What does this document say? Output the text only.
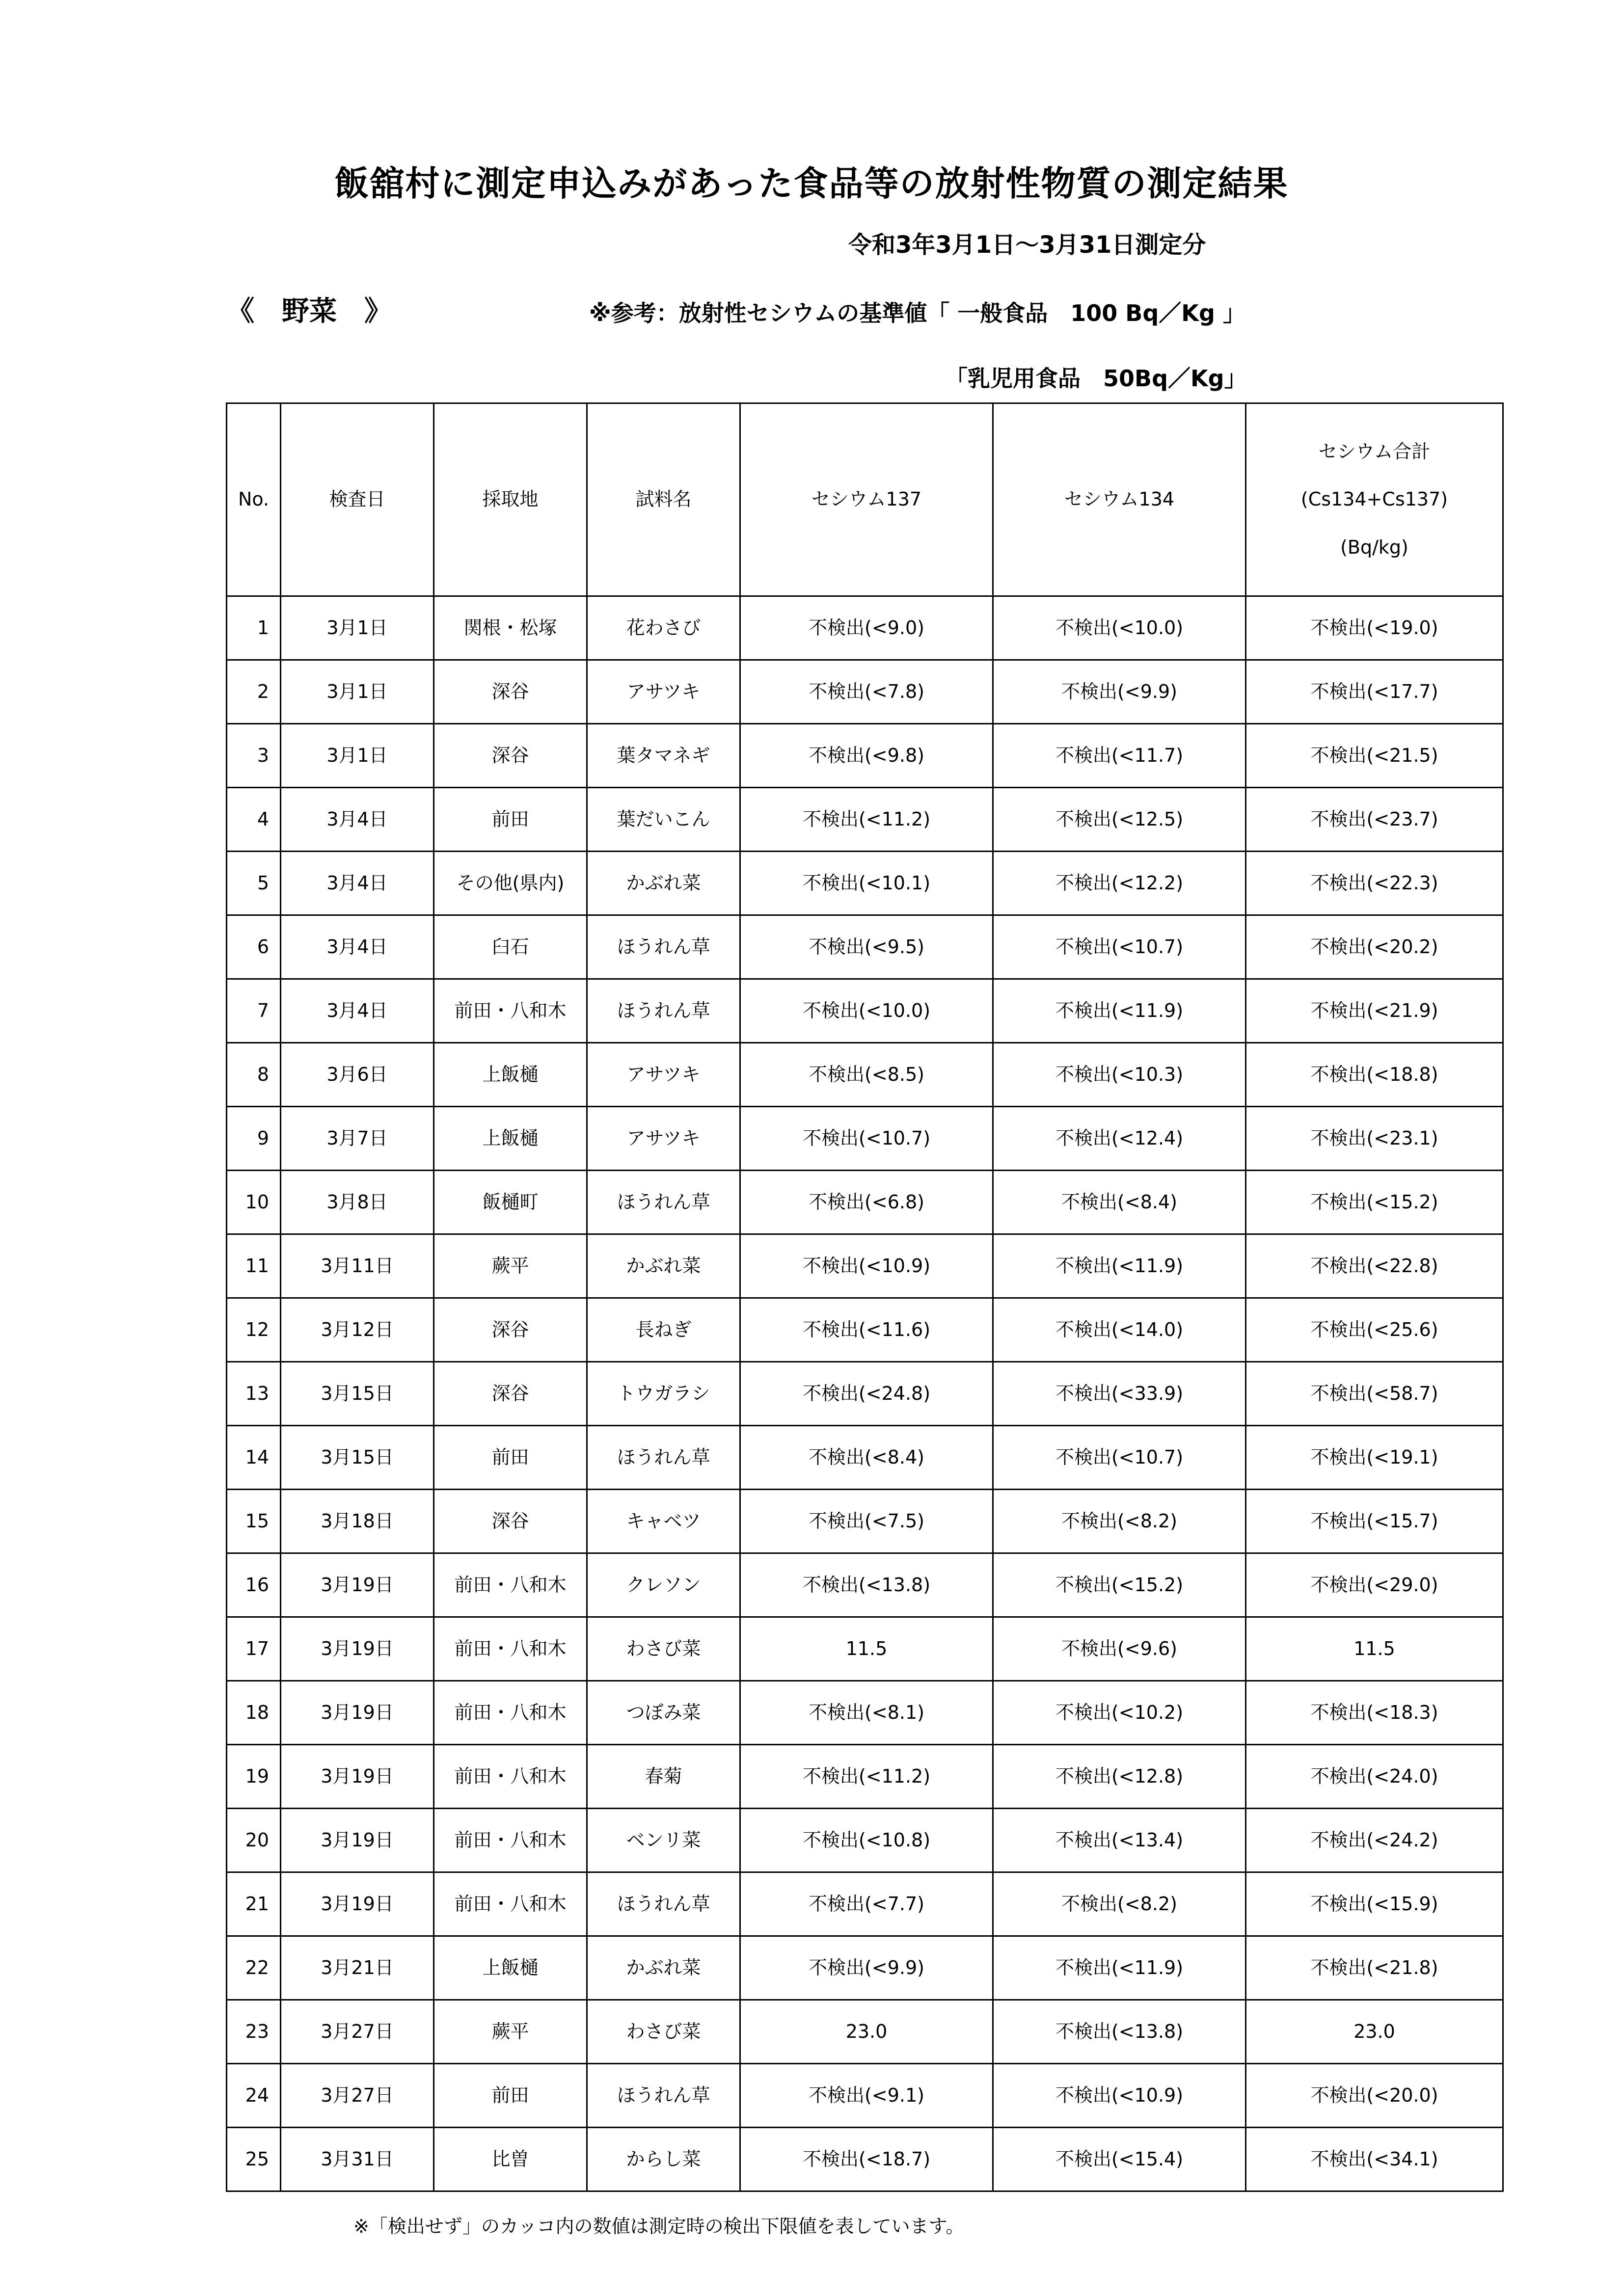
飯舘村に測定申込みがあった食品等の放射性物質の測定結果
令和3年3月1日～3月31日測定分
《　野菜　》	※参考：放射性セシウムの基準値「 一般食品　100 Bq／Kg 」
「乳児用食品　50Bq／Kg」
No.	検査日	採取地	試料名	セシウム137	セシウム134	セシウム合計
(Cs134+Cs137)
(Bq/kg)

1	3月1日	関根・松塚	花わさび	不検出(<9.0)	不検出(<10.0)	不検出(<19.0)
2	3月1日	深谷	アサツキ	不検出(<7.8)	不検出(<9.9)	不検出(<17.7)
3	3月1日	深谷	葉タマネギ	不検出(<9.8)	不検出(<11.7)	不検出(<21.5)
4	3月4日	前田	葉だいこん	不検出(<11.2)	不検出(<12.5)	不検出(<23.7)
5	3月4日	その他(県内)	かぶれ菜	不検出(<10.1)	不検出(<12.2)	不検出(<22.3)
6	3月4日	臼石	ほうれん草	不検出(<9.5)	不検出(<10.7)	不検出(<20.2)
7	3月4日	前田・八和木	ほうれん草	不検出(<10.0)	不検出(<11.9)	不検出(<21.9)
8	3月6日	上飯樋	アサツキ	不検出(<8.5)	不検出(<10.3)	不検出(<18.8)
9	3月7日	上飯樋	アサツキ	不検出(<10.7)	不検出(<12.4)	不検出(<23.1)
10	3月8日	飯樋町	ほうれん草	不検出(<6.8)	不検出(<8.4)	不検出(<15.2)
11	3月11日	蕨平	かぶれ菜	不検出(<10.9)	不検出(<11.9)	不検出(<22.8)
12	3月12日	深谷	長ねぎ	不検出(<11.6)	不検出(<14.0)	不検出(<25.6)
13	3月15日	深谷	トウガラシ	不検出(<24.8)	不検出(<33.9)	不検出(<58.7)
14	3月15日	前田	ほうれん草	不検出(<8.4)	不検出(<10.7)	不検出(<19.1)
15	3月18日	深谷	キャベツ	不検出(<7.5)	不検出(<8.2)	不検出(<15.7)
16	3月19日	前田・八和木	クレソン	不検出(<13.8)	不検出(<15.2)	不検出(<29.0)
17	3月19日	前田・八和木	わさび菜	11.5	不検出(<9.6)	11.5
18	3月19日	前田・八和木	つぼみ菜	不検出(<8.1)	不検出(<10.2)	不検出(<18.3)
19	3月19日	前田・八和木	春菊	不検出(<11.2)	不検出(<12.8)	不検出(<24.0)
20	3月19日	前田・八和木	ベンリ菜	不検出(<10.8)	不検出(<13.4)	不検出(<24.2)
21	3月19日	前田・八和木	ほうれん草	不検出(<7.7)	不検出(<8.2)	不検出(<15.9)
22	3月21日	上飯樋	かぶれ菜	不検出(<9.9)	不検出(<11.9)	不検出(<21.8)
23	3月27日	蕨平	わさび菜	23.0	不検出(<13.8)	23.0
24	3月27日	前田	ほうれん草	不検出(<9.1)	不検出(<10.9)	不検出(<20.0)
25	3月31日	比曽	からし菜	不検出(<18.7)	不検出(<15.4)	不検出(<34.1)
※「検出せず」のカッコ内の数値は測定時の検出下限値を表しています。
